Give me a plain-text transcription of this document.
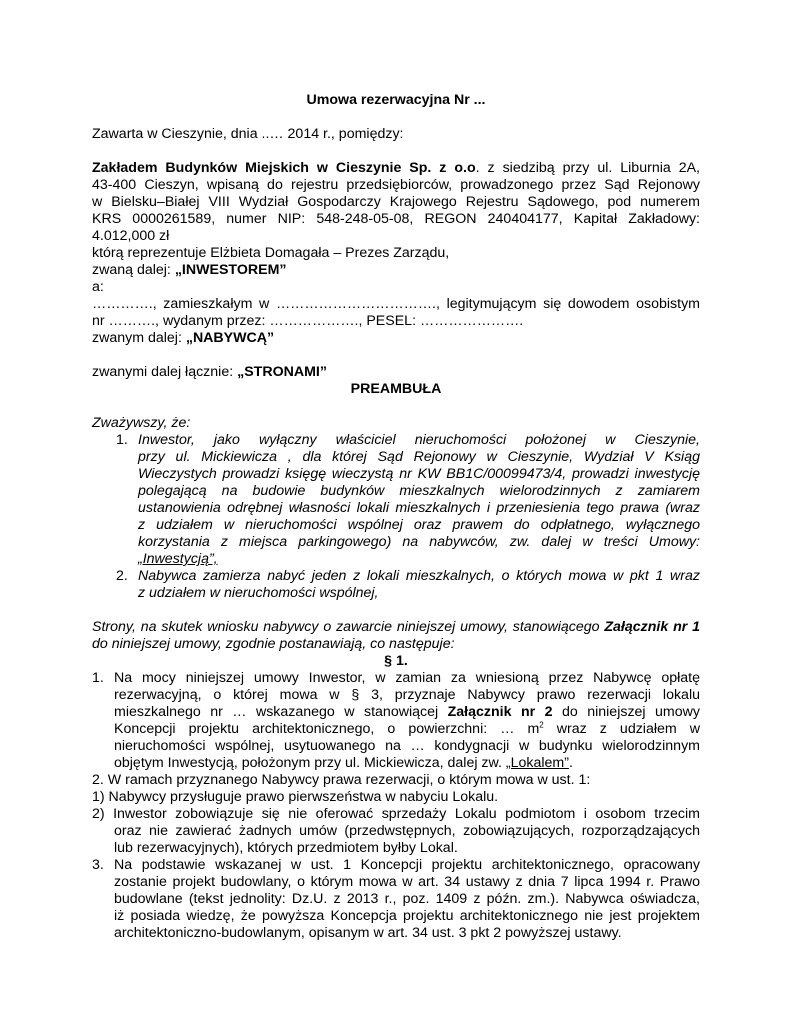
Umowa rezerwacyjna Nr ...
Zawarta w Cieszynie, dnia ..… 2014 r., pomiędzy:
Zakładem Budynków Miejskich w Cieszynie Sp. z o.o. z siedzibą przy ul. Liburnia 2A,
43-400 Cieszyn, wpisaną do rejestru przedsiębiorców, prowadzonego przez Sąd Rejonowy
w Bielsku–Białej VIII Wydział Gospodarczy Krajowego Rejestru Sądowego, pod numerem
KRS 0000261589, numer NIP: 548-248-05-08, REGON 240404177, Kapitał Zakładowy:
4.012,000 zł
którą reprezentuje Elżbieta Domagała – Prezes Zarządu,
zwaną dalej: „INWESTOREM”
a:
…………., zamieszkałym w ……………………………., legitymującym się dowodem osobistym
nr ………., wydanym przez: ………………., PESEL: ………………….
zwanym dalej: „NABYWCĄ”
zwanymi dalej łącznie: „STRONAMI”
PREAMBUŁA
Zważywszy, że:
1. Inwestor, jako wyłączny właściciel nieruchomości położonej w Cieszynie,
przy ul. Mickiewicza , dla której Sąd Rejonowy w Cieszynie, Wydział V Ksiąg
Wieczystych prowadzi księgę wieczystą nr KW BB1C/00099473/4, prowadzi inwestycję
polegającą na budowie budynków mieszkalnych wielorodzinnych z zamiarem
ustanowienia odrębnej własności lokali mieszkalnych i przeniesienia tego prawa (wraz
z udziałem w nieruchomości wspólnej oraz prawem do odpłatnego, wyłącznego
korzystania z miejsca parkingowego) na nabywców, zw. dalej w treści Umowy:
„Inwestycją”,
2. Nabywca zamierza nabyć jeden z lokali mieszkalnych, o których mowa w pkt 1 wraz
z udziałem w nieruchomości wspólnej,
Strony, na skutek wniosku nabywcy o zawarcie niniejszej umowy, stanowiącego Załącznik nr 1
do niniejszej umowy, zgodnie postanawiają, co następuje:
§ 1.
1. Na mocy niniejszej umowy Inwestor, w zamian za wniesioną przez Nabywcę opłatę
rezerwacyjną, o której mowa w § 3, przyznaje Nabywcy prawo rezerwacji lokalu
mieszkalnego nr … wskazanego w stanowiącej Załącznik nr 2 do niniejszej umowy
Koncepcji projektu architektonicznego, o powierzchni: … $m^2$ wraz z udziałem w
nieruchomości wspólnej, usytuowanego na … kondygnacji w budynku wielorodzinnym
objętym Inwestycją, położonym przy ul. Mickiewicza, dalej zw. „Lokalem”.
2. W ramach przyznanego Nabywcy prawa rezerwacji, o którym mowa w ust. 1:
1) Nabywcy przysługuje prawo pierwszeństwa w nabyciu Lokalu.
2) Inwestor zobowiązuje się nie oferować sprzedaży Lokalu podmiotom i osobom trzecim
oraz nie zawierać żadnych umów (przedwstępnych, zobowiązujących, rozporządzających
lub rezerwacyjnych), których przedmiotem byłby Lokal.
3. Na podstawie wskazanej w ust. 1 Koncepcji projektu architektonicznego, opracowany
zostanie projekt budowlany, o którym mowa w art. 34 ustawy z dnia 7 lipca 1994 r. Prawo
budowlane (tekst jednolity: Dz.U. z 2013 r., poz. 1409 z późn. zm.). Nabywca oświadcza,
iż posiada wiedzę, że powyższa Koncepcja projektu architektonicznego nie jest projektem
architektoniczno-budowlanym, opisanym w art. 34 ust. 3 pkt 2 powyższej ustawy.
